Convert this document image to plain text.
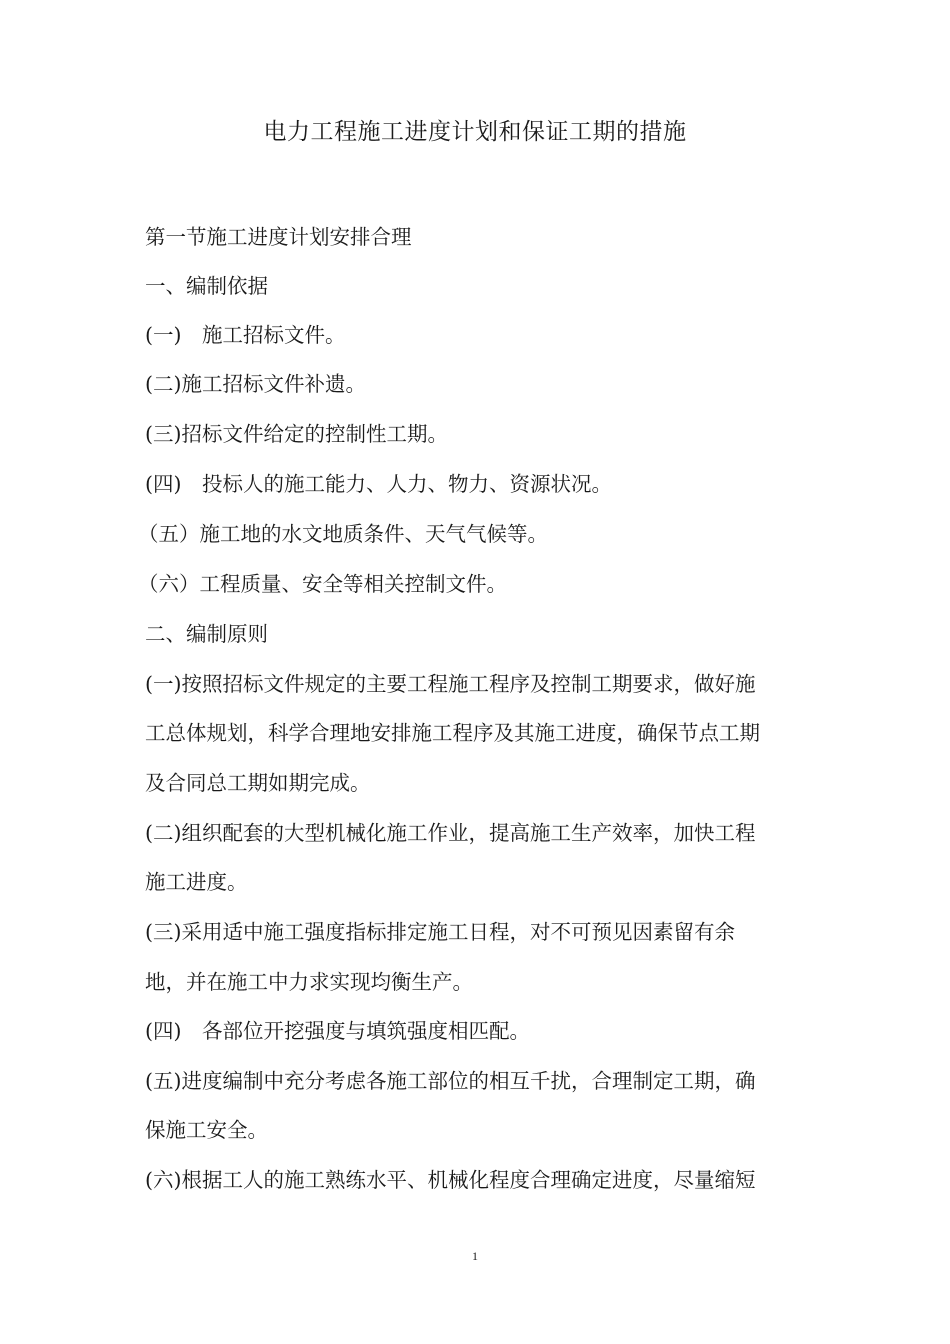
电力工程施工进度计划和保证工期的措施
第一节施工进度计划安排合理
一、编制依据
(一)　施工招标文件。
(二)施工招标文件补遗。
(三)招标文件给定的控制性工期。
(四)　投标人的施工能力、人力、物力、资源状况。
（五）施工地的水文地质条件、天气气候等。
（六）工程质量、安全等相关控制文件。
二、编制原则
(一)按照招标文件规定的主要工程施工程序及控制工期要求，做好施
工总体规划，科学合理地安排施工程序及其施工进度，确保节点工期
及合同总工期如期完成。
(二)组织配套的大型机械化施工作业，提高施工生产效率，加快工程
施工进度。
(三)采用适中施工强度指标排定施工日程，对不可预见因素留有余
地，并在施工中力求实现均衡生产。
(四)　各部位开挖强度与填筑强度相匹配。
(五)进度编制中充分考虑各施工部位的相互千扰，合理制定工期，确
保施工安全。
(六)根据工人的施工熟练水平、机械化程度合理确定进度，尽量缩短
1
